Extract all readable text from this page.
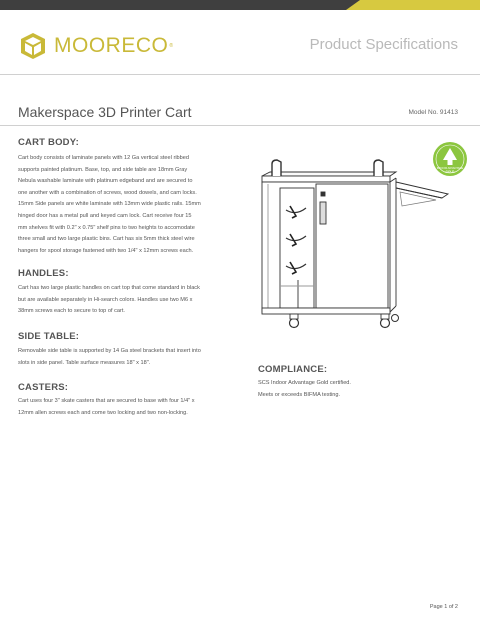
MOORECO ®	Product Specifications
Makerspace 3D Printer Cart	Model No. 91413
CART BODY:
Cart body consists of laminate panels with 12 Ga vertical steel ribbed
supports painted platinum. Base, top, and side table are 18mm Gray
Nebula washable laminate with platinum edgeband and are secured to
one another with a combination of screws, wood dowels, and cam locks.
15mm Side panels are white laminate with 13mm wide plastic rails. 15mm
hinged door has a metal pull and keyed cam lock. Cart receive four 15
mm shelves fit with 0.2" x 0.75" shelf pins to two heights to accomodate
three small and two large plastic bins. Cart has six 5mm thick steel wire
hangers for spool storage fastened with two 1/4" x 12mm screws each.
HANDLES:
Cart has two large plastic handles on cart top that come standard in black
but are available separately in Hi-search colors. Handles use two M6 x
38mm screws each to secure to top of cart.
SIDE TABLE:
Removable side table is supported by 14 Ga steel brackets that insert into
slots in side panel. Table surface measures 18" x 18".
CASTERS:
Cart uses four 3" skate casters that are secured to base with four 1/4" x
12mm allen screws each and come two locking and two non-locking.
COMPLIANCE:
SCS Indoor Advantage Gold certified.
Meets or exceeds BIFMA testing.
INDOOR ADVANTAGE
GOLD
Page 1 of 2
